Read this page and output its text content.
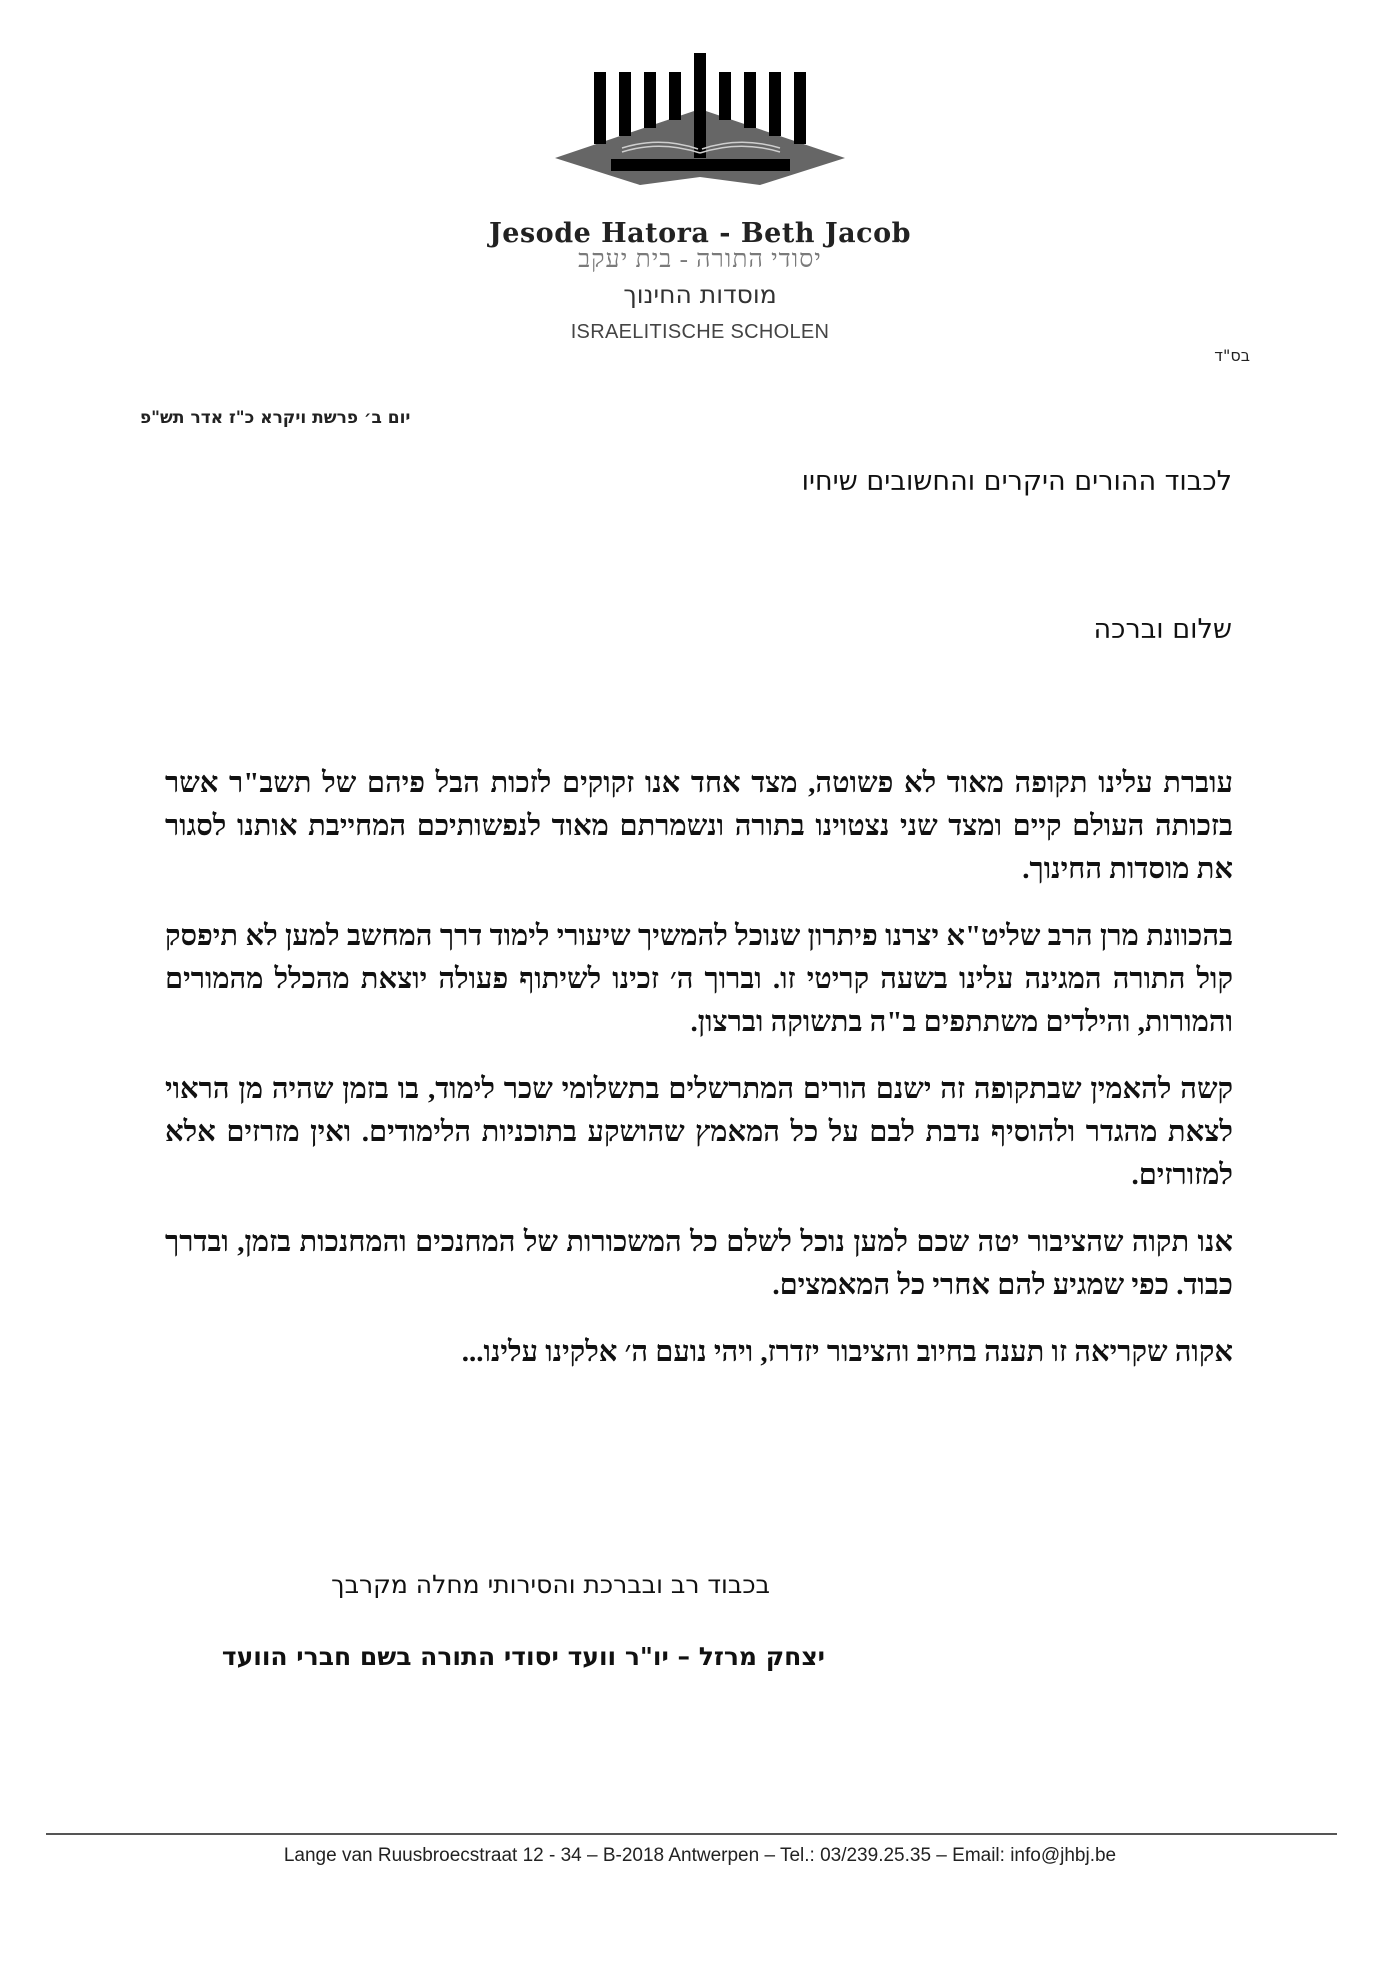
Jesode Hatora - Beth Jacob
יסודי התורה - בית יעקב
מוסדות החינוך
ISRAELITISCHE SCHOLEN
בס"ד
יום ב׳ פרשת ויקרא כ"ז אדר תש"פ
לכבוד ההורים היקרים והחשובים שיחיו
שלום וברכה

עוברת עלינו תקופה מאוד לא פשוטה, מצד אחד אנו זקוקים לזכות הבל פיהם של תשב"ר אשר בזכותה העולם קיים ומצד שני נצטוינו בתורה ונשמרתם מאוד לנפשותיכם המחייבת אותנו לסגור את מוסדות החינוך.

בהכוונת מרן הרב שליט"א יצרנו פיתרון שנוכל להמשיך שיעורי לימוד דרך המחשב למען לא תיפסק קול התורה המגינה עלינו בשעה קריטי זו. וברוך ה׳ זכינו לשיתוף פעולה יוצאת מהכלל מהמורים והמורות, והילדים משתתפים ב"ה בתשוקה וברצון.

קשה להאמין שבתקופה זה ישנם הורים המתרשלים בתשלומי שכר לימוד, בו בזמן שהיה מן הראוי לצאת מהגדר ולהוסיף נדבת לבם על כל המאמץ שהושקע בתוכניות הלימודים. ואין מזרזים אלא למזורזים.

אנו תקוה שהציבור יטה שכם למען נוכל לשלם כל המשכורות של המחנכים והמחנכות בזמן, ובדרך כבוד. כפי שמגיע להם אחרי כל המאמצים.

אקוה שקריאה זו תענה בחיוב והציבור יזדרז, ויהי נועם ה׳ אלקינו עלינו...

בכבוד רב ובברכת והסירותי מחלה מקרבך
יצחק מרזל – יו"ר וועד יסודי התורה בשם חברי הוועד
Lange van Ruusbroecstraat 12 - 34 – B-2018 Antwerpen – Tel.: 03/239.25.35 – Email: info@jhbj.be
